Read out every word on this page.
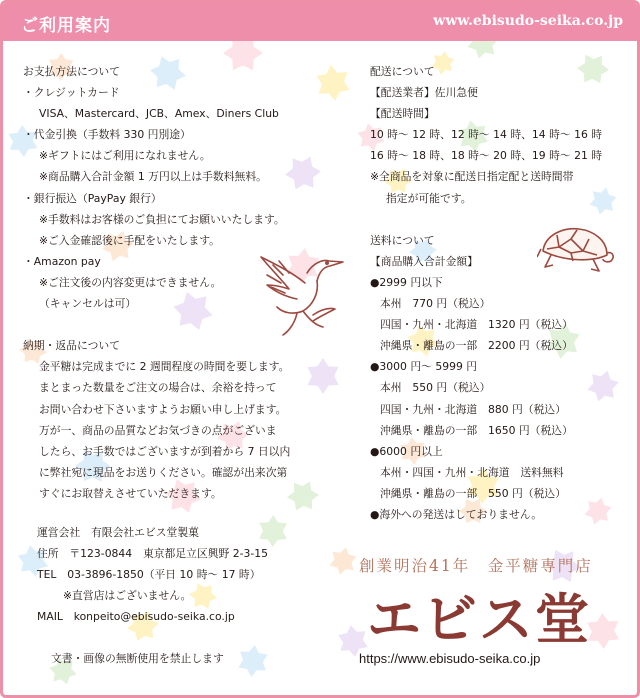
ご利用案内	www.ebisudo-seika.co.jp
お支払方法について
・クレジットカード
VISA、Mastercard、JCB、Amex、Diners Club
・代金引換（手数料 330 円別途）
※ギフトにはご利用になれません。
※商品購入合計金額 1 万円以上は手数料無料。
・銀行振込（PayPay 銀行）
※手数料はお客様のご負担にてお願いいたします。
※ご入金確認後に手配をいたします。
・Amazon pay
※ご注文後の内容変更はできません。
（キャンセルは可）
納期・返品について
金平糖は完成までに 2 週間程度の時間を要します。
まとまった数量をご注文の場合は、余裕を持って
お問い合わせ下さいますようお願い申し上げます。
万が一、商品の品質などお気づきの点がございま
したら、お手数ではございますが到着から 7 日以内
に弊社宛に現品をお送りください。確認が出来次第
すぐにお取替えさせていただきます。
運営会社　有限会社エビス堂製菓
住所　〒123-0844　東京都足立区興野 2-3-15
TEL　03-3896-1850（平日 10 時〜 17 時）
※直営店はございません。
MAIL　konpeito@ebisudo-seika.co.jp
文書・画像の無断使用を禁止します
配送について
【配送業者】佐川急便
【配送時間】
10 時〜 12 時、12 時〜 14 時、14 時〜 16 時
16 時〜 18 時、18 時〜 20 時、19 時〜 21 時
※全商品を対象に配送日指定配と送時間帯
指定が可能です。
送料について
【商品購入合計金額】
●2999 円以下
本州　770 円（税込）
四国・九州・北海道　1320 円（税込）
沖縄県・離島の一部　2200 円（税込）
●3000 円〜 5999 円
本州　550 円（税込）
四国・九州・北海道　880 円（税込）
沖縄県・離島の一部　1650 円（税込）
●6000 円以上
本州・四国・九州・北海道　送料無料
沖縄県・離島の一部　550 円（税込）
●海外への発送はしておりません。
創業明治41年　金平糖専門店
エビス堂
https://www.ebisudo-seika.co.jp
